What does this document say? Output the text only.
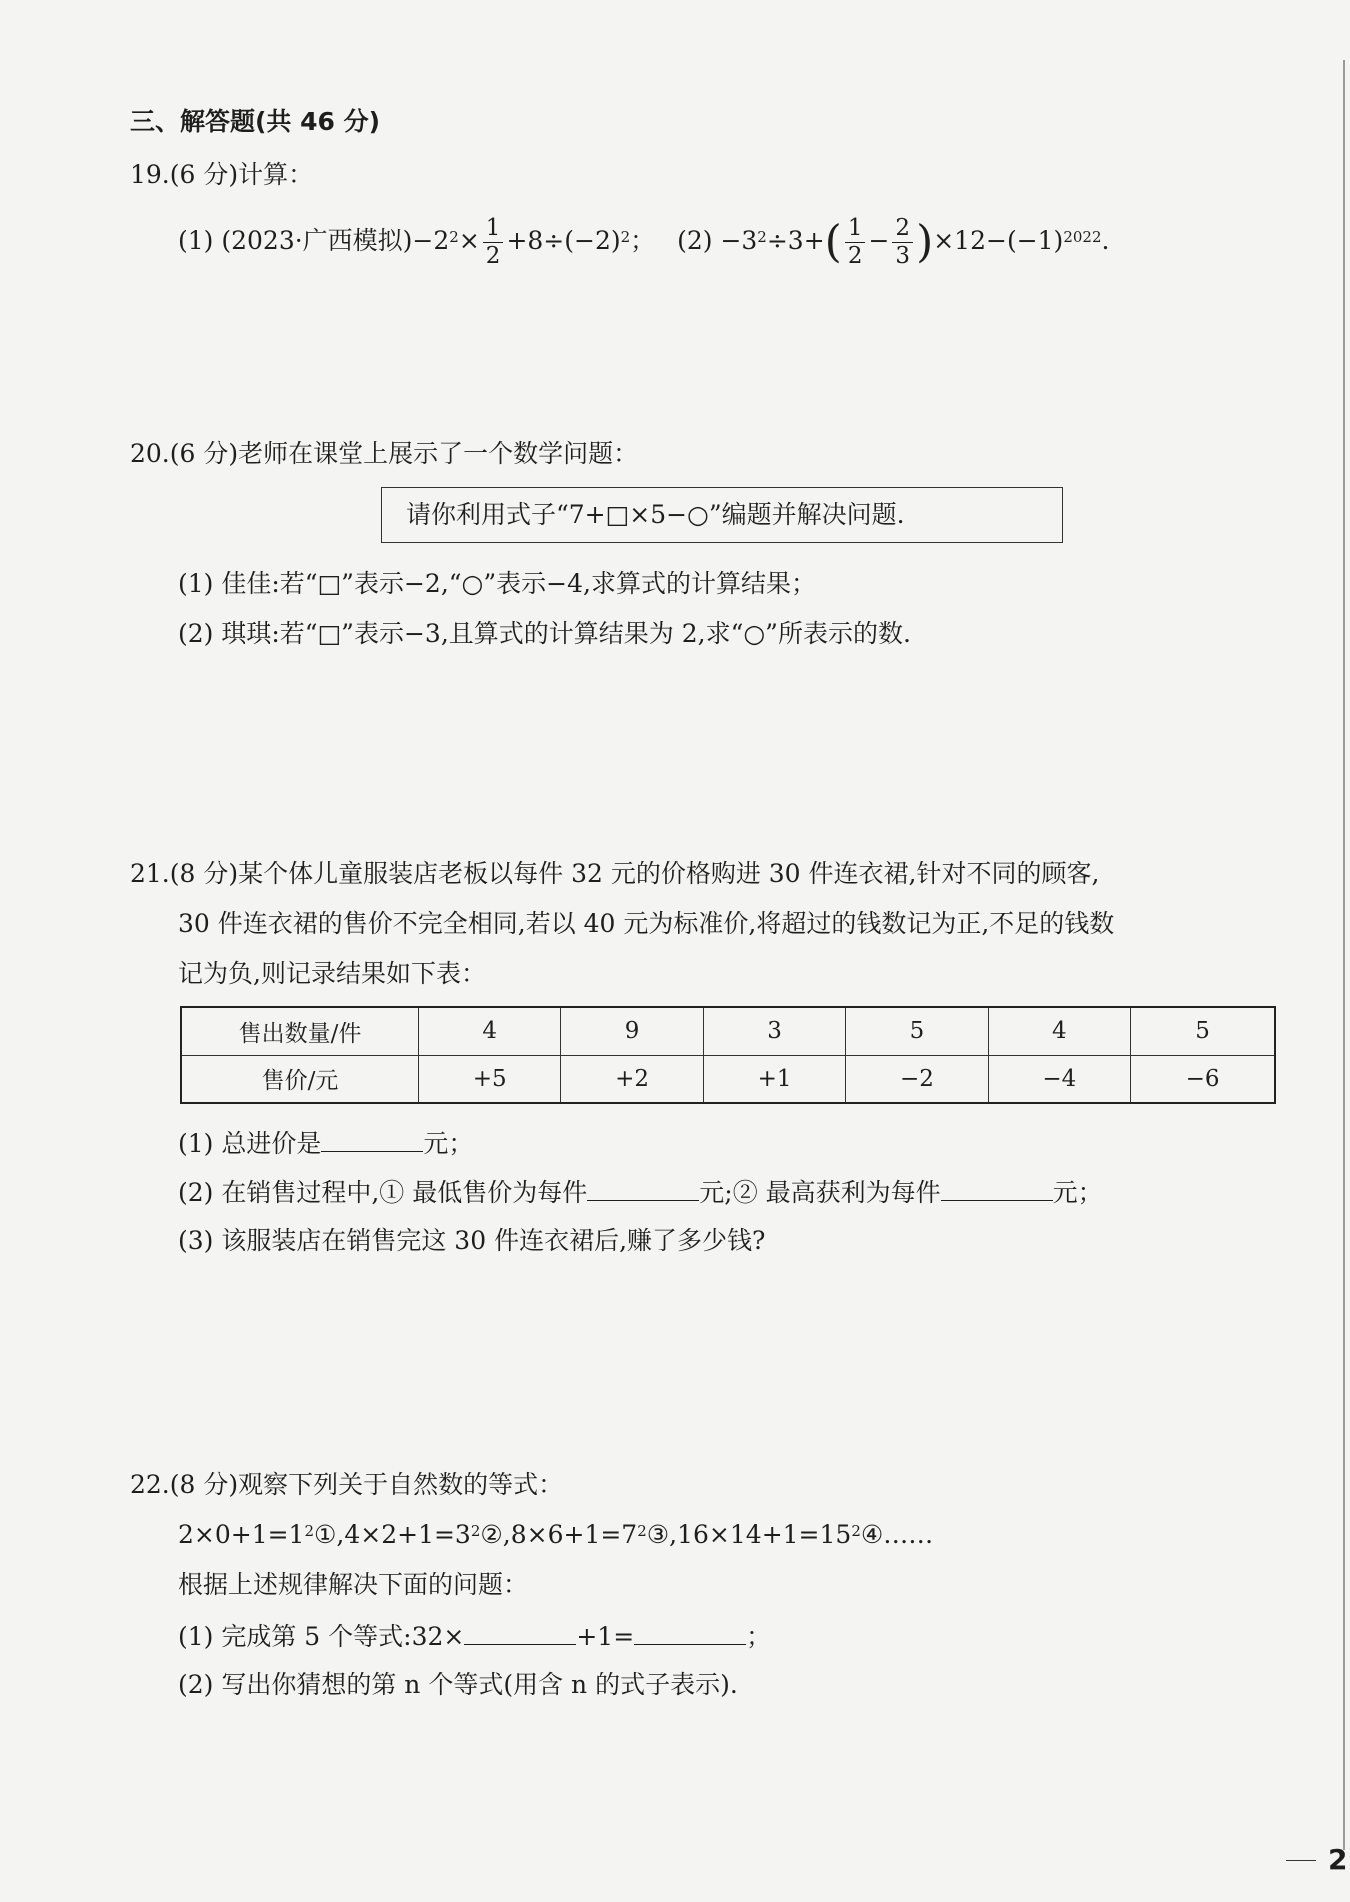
三、解答题(共 46 分)
19.(6 分)计算：
(1) (2023·广西模拟)$-2^2\times \frac{1}{2} +8\div(-2)^2$； $(2) -3^2\div 3+( \frac{1}{2} - \frac{2}{3} )\times 12-(-1)^{2022}$.
20.(6 分)老师在课堂上展示了一个数学问题：
请你利用式子“7+□×5−○”编题并解决问题.
(1) 佳佳:若“□”表示−2,“○”表示−4,求算式的计算结果；
(2) 琪琪:若“□”表示−3,且算式的计算结果为 2,求“○”所表示的数.
21.(8 分)某个体儿童服装店老板以每件 32 元的价格购进 30 件连衣裙,针对不同的顾客,
30 件连衣裙的售价不完全相同,若以 40 元为标准价,将超过的钱数记为正,不足的钱数
记为负,则记录结果如下表：
售出数量/件	4	9	3	5	4	5
售价/元	+5	+2	+1	−2	−4	−6
(1) 总进价是	元；
(2) 在销售过程中,① 最低售价为每件	元;② 最高获利为每件	元；
(3) 该服装店在销售完这 30 件连衣裙后,赚了多少钱?
22.(8 分)观察下列关于自然数的等式：
$2\times 0+1=1^2①,4\times 2+1=3^2②,8\times 6+1=7^2③,16\times 14+1=15^2④\dots\dots$
根据上述规律解决下面的问题：
(1) 完成第 5 个等式:32×	+1=	；
(2) 写出你猜想的第 n 个等式(用含 n 的式子表示).
2
